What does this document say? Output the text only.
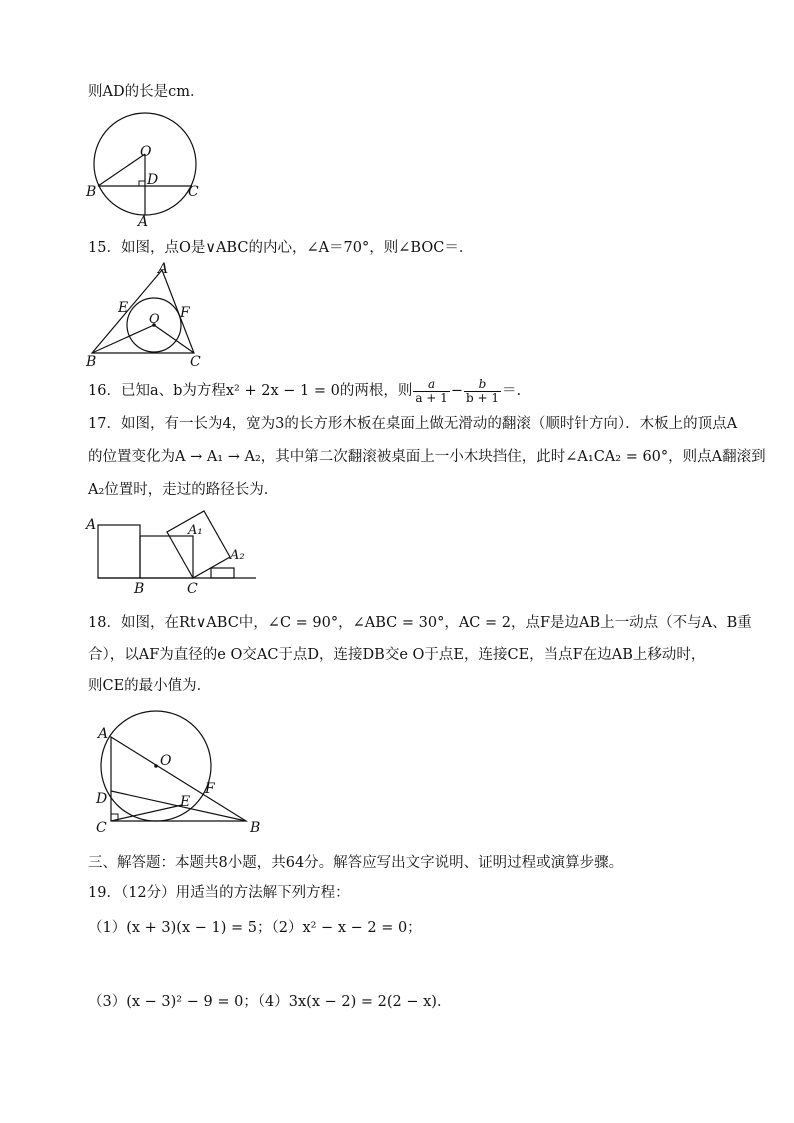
则AD的长是cm．
O
B
D
C
A
15．如图，点O是∨ABC的内心，∠A＝70°，则∠BOC＝．
A
E	F
O
B	C
16．已知a、b为方程x² + 2x − 1 = 0的两根，则 $\frac{a}{a + 1} - \frac{b}{b + 1}$ ＝.
17．如图，有一长为4，宽为3的长方形木板在桌面上做无滑动的翻滚（顺时针方向）．木板上的顶点A
的位置变化为A → A₁ → A₂，其中第二次翻滚被桌面上一小木块挡住，此时∠A₁CA₂ = 60°，则点A翻滚到
A₂位置时，走过的路径长为．
A	A₁
A₂
B	C
18．如图，在Rt∨ABC中，∠C = 90°，∠ABC = 30°，AC = 2，点F是边AB上一动点（不与A、B重
合），以AF为直径的e O交AC于点D，连接DB交e O于点E，连接CE，当点F在边AB上移动时，
则CE的最小值为．
A
O
F
D	E
C	B
三、解答题：本题共8小题，共64分。解答应写出文字说明、证明过程或演算步骤。
19．（12分）用适当的方法解下列方程：
（1）(x + 3)(x − 1) = 5；（2）x² − x − 2 = 0；
（3）(x − 3)² − 9 = 0；（4）3x(x − 2) = 2(2 − x)．
